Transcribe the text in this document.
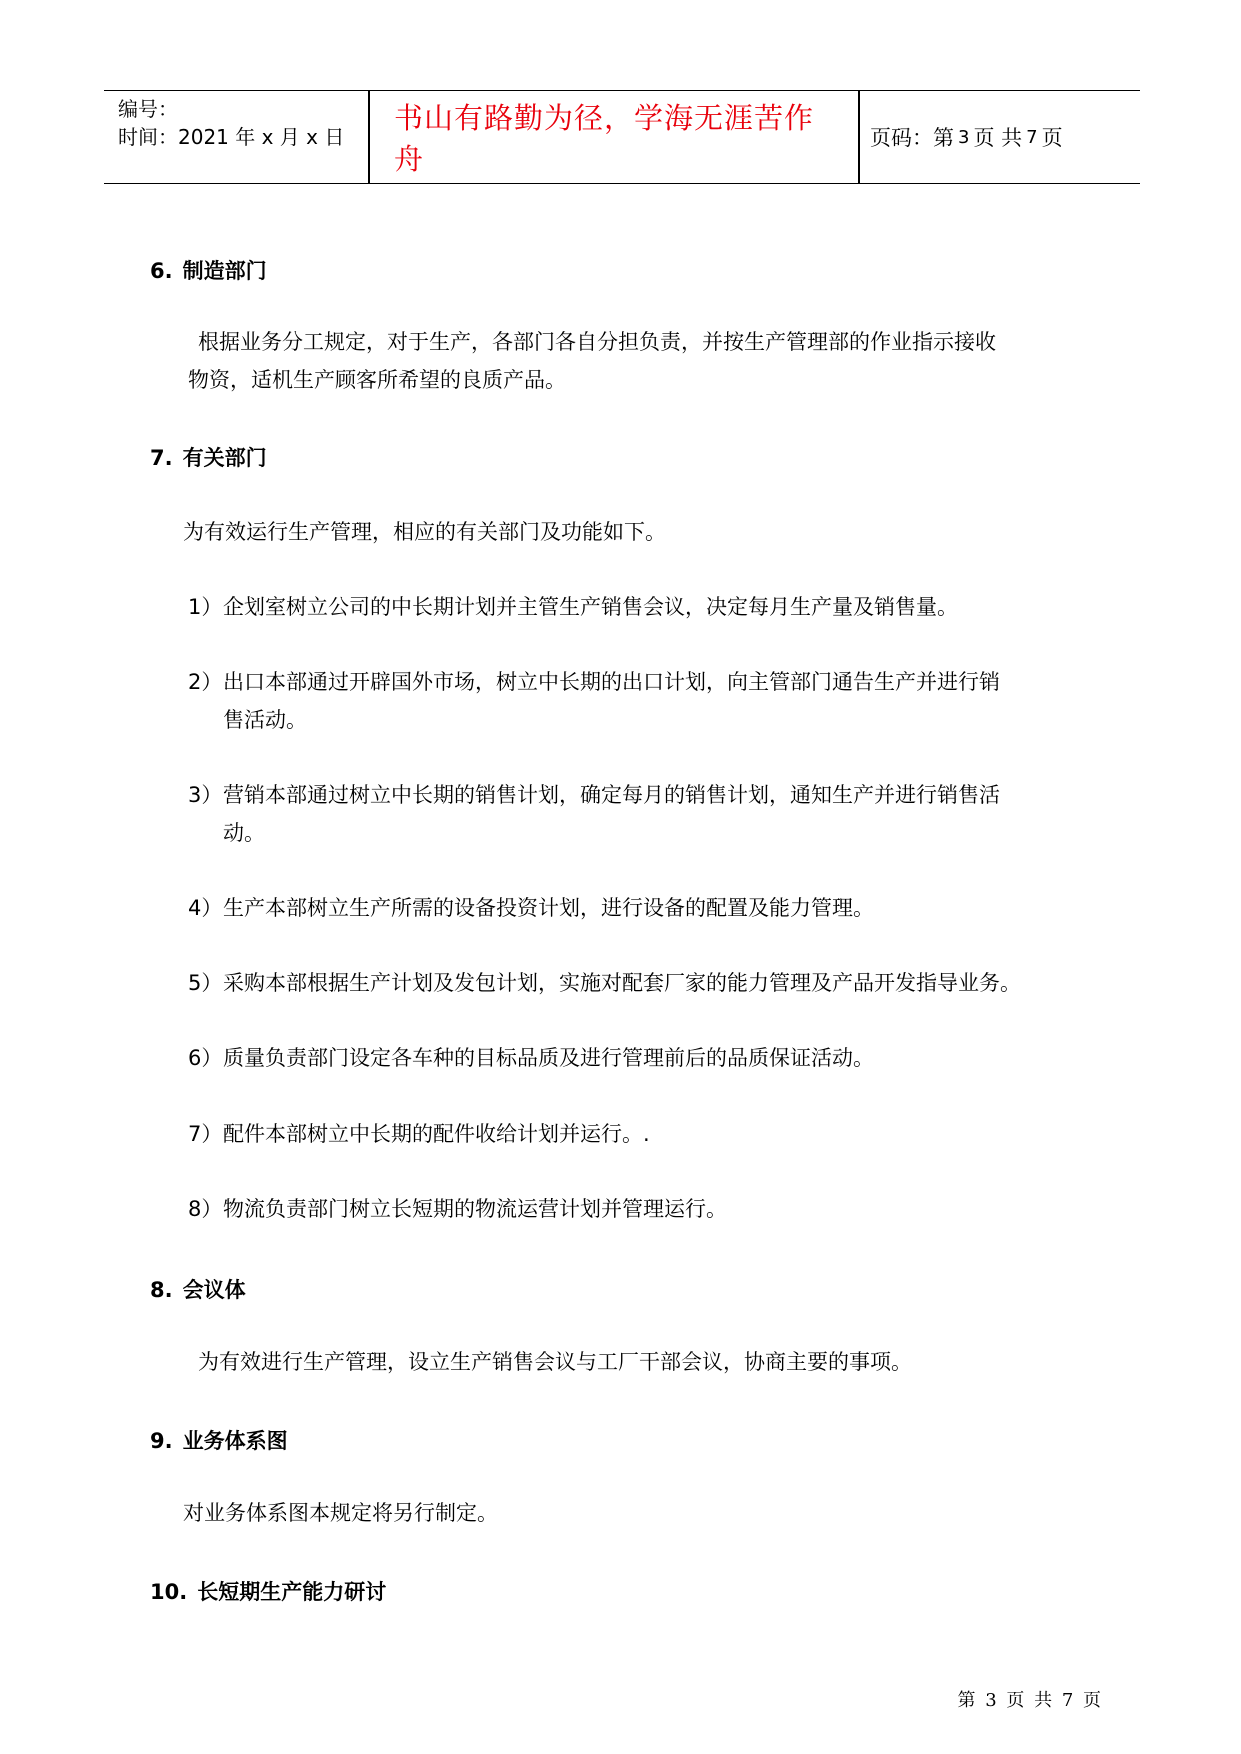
编号：
时间：2021 年 x 月 x 日
书山有路勤为径，学海无涯苦作舟
页码：第 3 页 共 7 页
6. 制造部门
根据业务分工规定，对于生产，各部门各自分担负责，并按生产管理部的作业指示接收
物资，适机生产顾客所希望的良质产品。
7. 有关部门
为有效运行生产管理，相应的有关部门及功能如下。
1）企划室树立公司的中长期计划并主管生产销售会议，决定每月生产量及销售量。
2）出口本部通过开辟国外市场，树立中长期的出口计划，向主管部门通告生产并进行销
售活动。
3）营销本部通过树立中长期的销售计划，确定每月的销售计划，通知生产并进行销售活
动。
4）生产本部树立生产所需的设备投资计划，进行设备的配置及能力管理。
5）采购本部根据生产计划及发包计划，实施对配套厂家的能力管理及产品开发指导业务。
6）质量负责部门设定各车种的目标品质及进行管理前后的品质保证活动。
7）配件本部树立中长期的配件收给计划并运行。.
8）物流负责部门树立长短期的物流运营计划并管理运行。
8. 会议体
为有效进行生产管理，设立生产销售会议与工厂干部会议，协商主要的事项。
9. 业务体系图
对业务体系图本规定将另行制定。
10. 长短期生产能力研讨
第 3 页 共 7 页
